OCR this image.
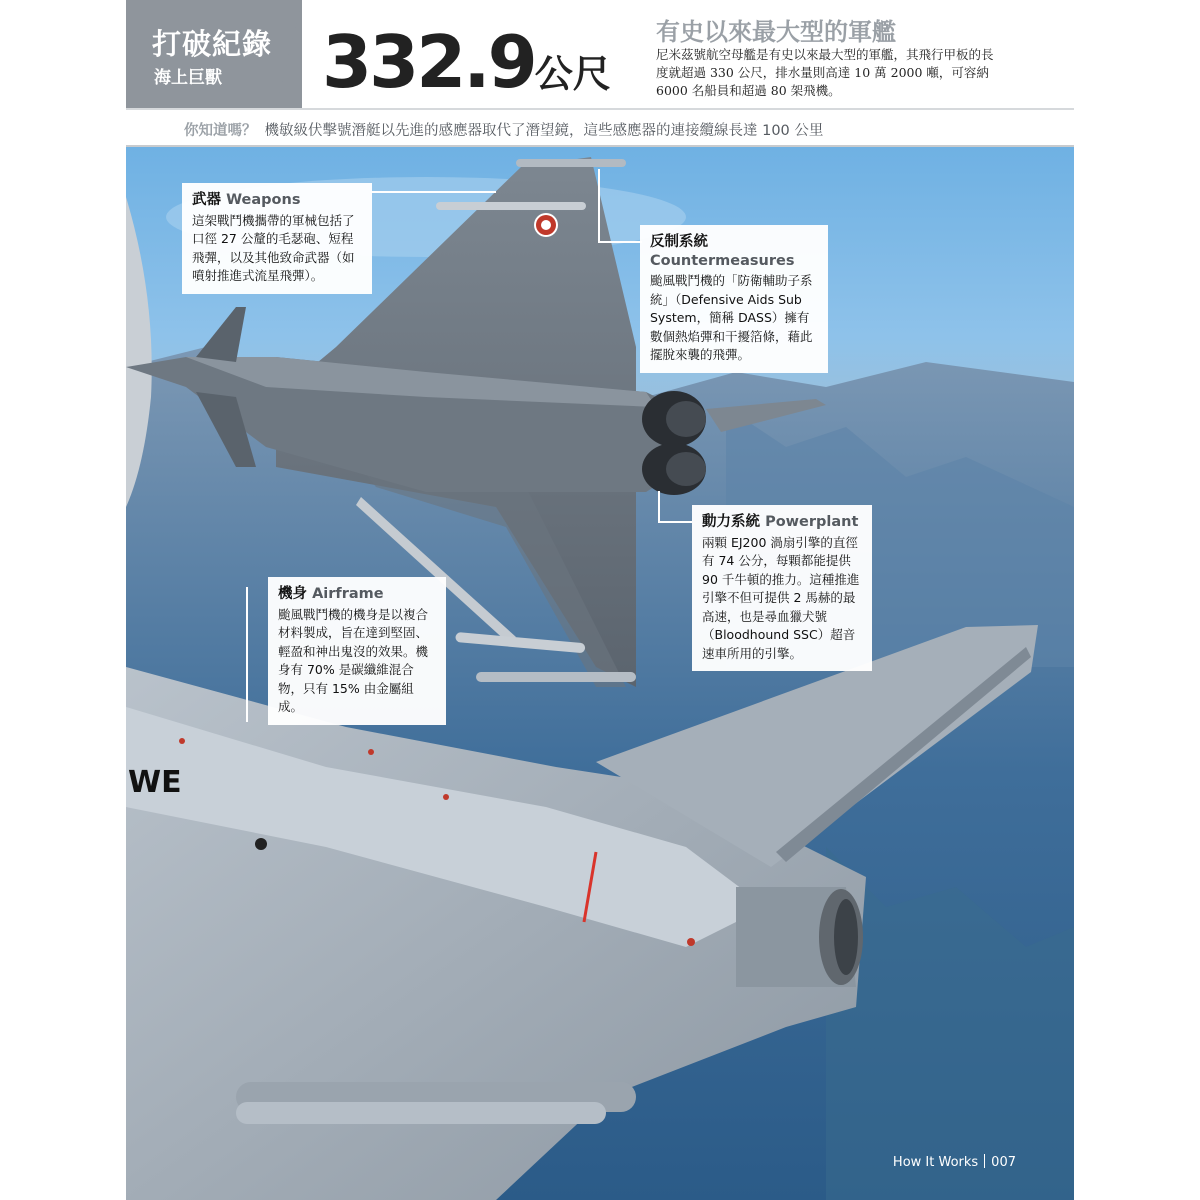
打破紀錄
海上巨獸 332.9公尺
有史以來最大型的軍艦
尼米茲號航空母艦是有史以來最大型的軍艦，其飛行甲板的長度就超過 330 公尺，排水量則高達 10 萬 2000 噸，可容納 6000 名船員和超過 80 架飛機。
你知道嗎？ 機敏級伏擊號潛艇以先進的感應器取代了潛望鏡，這些感應器的連接纜線長達 100 公里
WE
武器 Weapons
這架戰鬥機攜帶的軍械包括了口徑 27 公釐的毛瑟砲、短程飛彈，以及其他致命武器（如噴射推進式流星飛彈）。
反制系統 Countermeasures
颱風戰鬥機的「防衛輔助子系統」（Defensive Aids Sub System，簡稱 DASS）擁有數個熱焰彈和干擾箔條，藉此擺脫來襲的飛彈。
動力系統 Powerplant
兩顆 EJ200 渦扇引擎的直徑有 74 公分，每顆都能提供 90 千牛頓的推力。這種推進引擎不但可提供 2 馬赫的最高速，也是尋血獵犬號（Bloodhound SSC）超音速車所用的引擎。
機身 Airframe
颱風戰鬥機的機身是以複合材料製成，旨在達到堅固、輕盈和神出鬼沒的效果。機身有 70% 是碳纖維混合物，只有 15% 由金屬組成。
How It Works 007
